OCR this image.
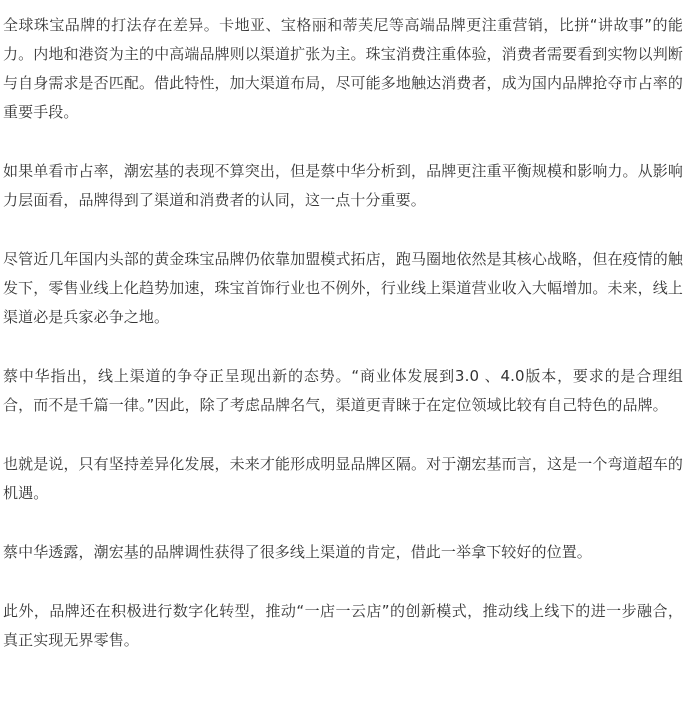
全球珠宝品牌的打法存在差异。卡地亚、宝格丽和蒂芙尼等高端品牌更注重营销，比拼“讲故事”的能力。内地和港资为主的中高端品牌则以渠道扩张为主。珠宝消费注重体验，消费者需要看到实物以判断与自身需求是否匹配。借此特性，加大渠道布局，尽可能多地触达消费者，成为国内品牌抢夺市占率的重要手段。

如果单看市占率，潮宏基的表现不算突出，但是蔡中华分析到，品牌更注重平衡规模和影响力。从影响力层面看，品牌得到了渠道和消费者的认同，这一点十分重要。

尽管近几年国内头部的黄金珠宝品牌仍依靠加盟模式拓店，跑马圈地依然是其核心战略，但在疫情的触发下，零售业线上化趋势加速，珠宝首饰行业也不例外，行业线上渠道营业收入大幅增加。未来，线上渠道必是兵家必争之地。

蔡中华指出，线上渠道的争夺正呈现出新的态势。“商业体发展到3.0 、4.0版本，要求的是合理组合，而不是千篇一律。”因此，除了考虑品牌名气，渠道更青睐于在定位领域比较有自己特色的品牌。

也就是说，只有坚持差异化发展，未来才能形成明显品牌区隔。对于潮宏基而言，这是一个弯道超车的机遇。

蔡中华透露，潮宏基的品牌调性获得了很多线上渠道的肯定，借此一举拿下较好的位置。

此外，品牌还在积极进行数字化转型，推动“一店一云店”的创新模式，推动线上线下的进一步融合，真正实现无界零售。
